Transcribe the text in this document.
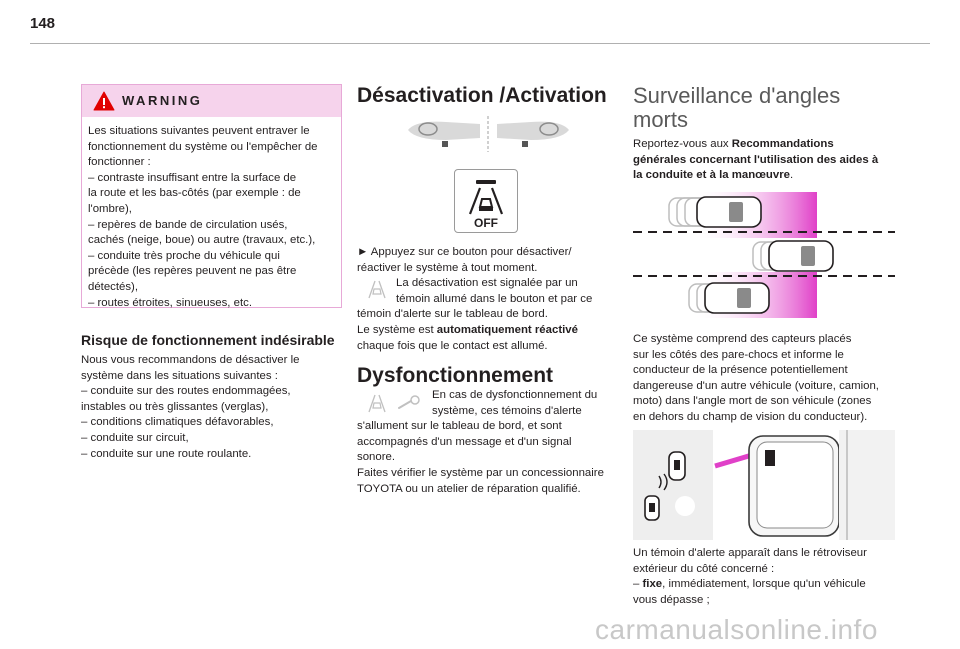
148
WARNING
Les situations suivantes peuvent entraver le
fonctionnement du système ou l'empêcher de
fonctionner :
– contraste insuffisant entre la surface de
la route et les bas-côtés (par exemple : de
l'ombre),
– repères de bande de circulation usés,
cachés (neige, boue) ou autre (travaux, etc.),
– conduite très proche du véhicule qui
précède (les repères peuvent ne pas être
détectés),
– routes étroites, sinueuses, etc.
Risque de fonctionnement indésirable
Nous vous recommandons de désactiver le
système dans les situations suivantes :
– conduite sur des routes endommagées,
instables ou très glissantes (verglas),
– conditions climatiques défavorables,
– conduite sur circuit,
– conduite sur une route roulante.
Désactivation /Activation
OFF
► Appuyez sur ce bouton pour désactiver/
réactiver le système à tout moment.
La désactivation est signalée par un
témoin allumé dans le bouton et par ce
témoin d'alerte sur le tableau de bord.
Le système est automatiquement réactivé
chaque fois que le contact est allumé.
Dysfonctionnement
En cas de dysfonctionnement du
système, ces témoins d'alerte
s'allument sur le tableau de bord, et sont
accompagnés d'un message et d'un signal
sonore.
Faites vérifier le système par un concessionnaire
TOYOTA ou un atelier de réparation qualifié.
Surveillance d'angles
morts
Reportez-vous aux Recommandations
générales concernant l'utilisation des aides à
la conduite et à la manœuvre.
Ce système comprend des capteurs placés
sur les côtés des pare-chocs et informe le
conducteur de la présence potentiellement
dangereuse d'un autre véhicule (voiture, camion,
moto) dans l'angle mort de son véhicule (zones
en dehors du champ de vision du conducteur).
Un témoin d'alerte apparaît dans le rétroviseur
extérieur du côté concerné :
– fixe, immédiatement, lorsque qu'un véhicule
vous dépasse ;
carmanualsonline.info
